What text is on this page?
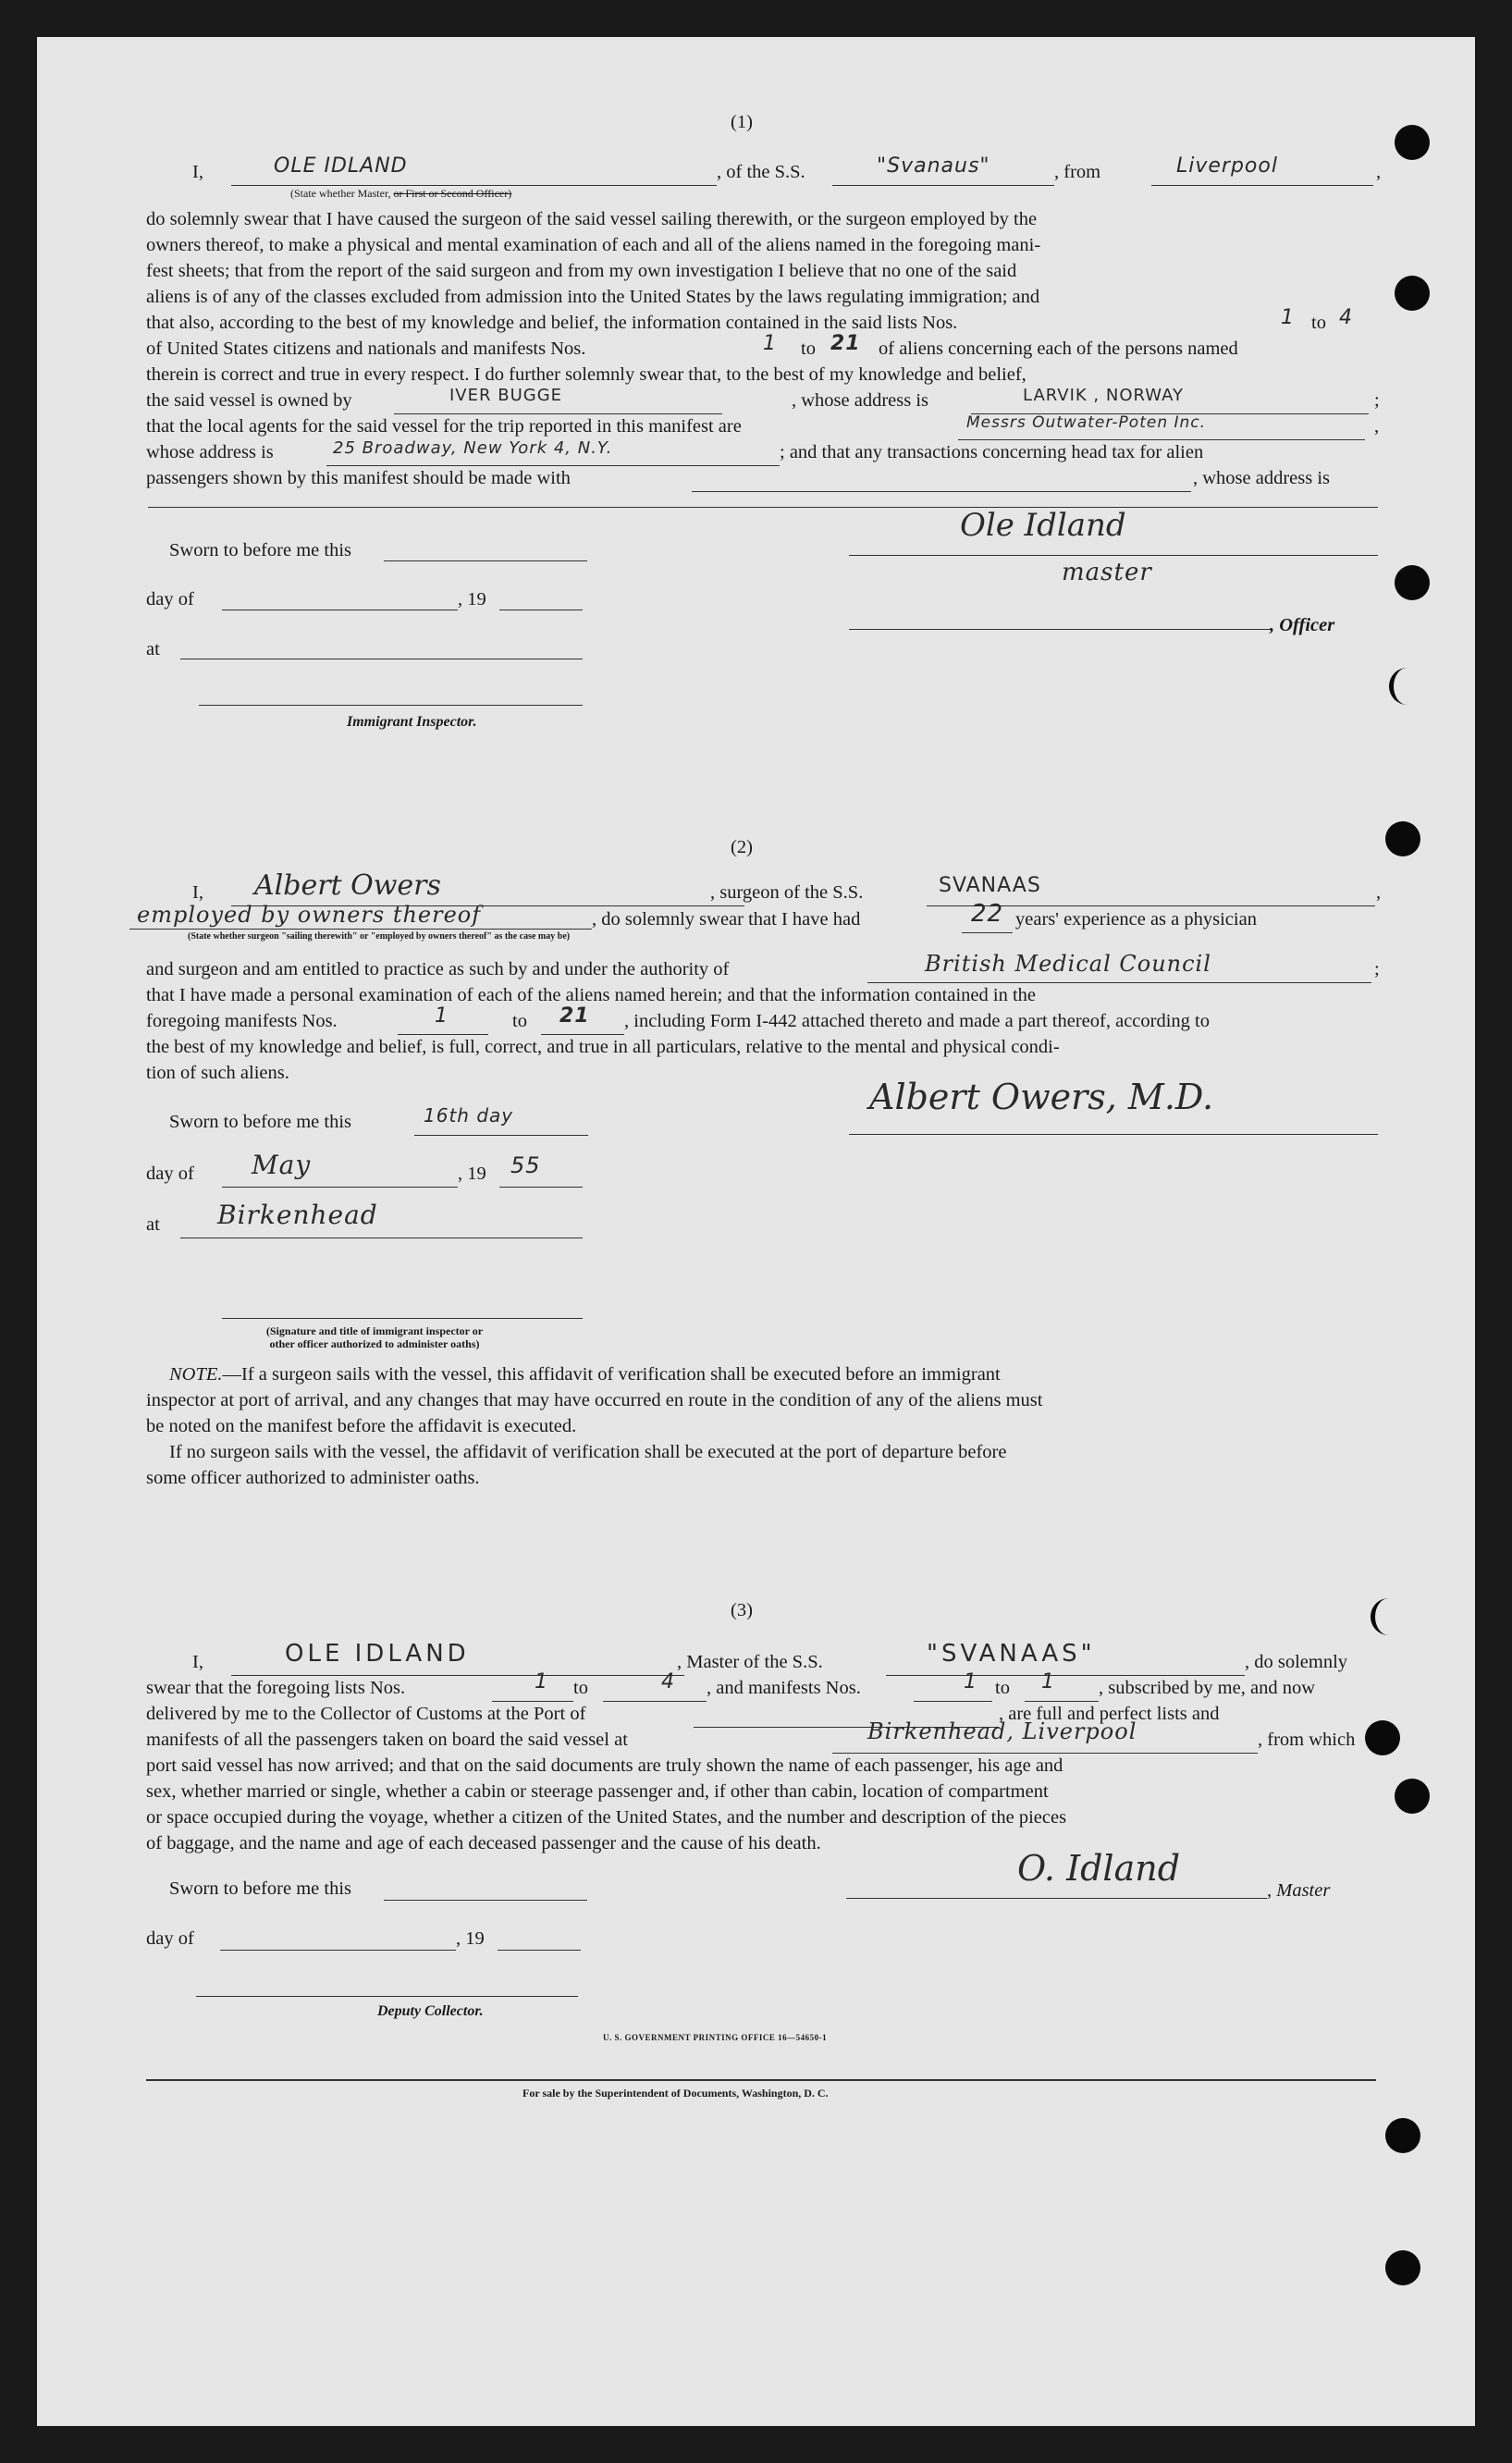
(1)
I,	OLE IDLAND	, of the S.S.	"Svanaus"	, from	Liverpool	,
(State whether Master, or First or Second Officer)
do solemnly swear that I have caused the surgeon of the said vessel sailing therewith, or the surgeon employed by the
owners thereof, to make a physical and mental examination of each and all of the aliens named in the foregoing mani-
fest sheets; that from the report of the said surgeon and from my own investigation I believe that no one of the said
aliens is of any of the classes excluded from admission into the United States by the laws regulating immigration; and
that also, according to the best of my knowledge and belief, the information contained in the said lists Nos.	1 to 4
of United States citizens and nationals and manifests Nos.	1 to 21 of aliens concerning each of the persons named
therein is correct and true in every respect. I do further solemnly swear that, to the best of my knowledge and belief,
the said vessel is owned by	IVER BUGGE	, whose address is	LARVIK , NORWAY	;
that the local agents for the said vessel for the trip reported in this manifest are	Messrs Outwater-Poten Inc.	,
whose address is	25 Broadway, New York 4, N.Y.	; and that any transactions concerning head tax for alien
passengers shown by this manifest should be made with	, whose address is
Sworn to before me this
Ole Idland
master
day of	, 19
, Officer
at
Immigrant Inspector.
(2)
I, Albert Owers	, surgeon of the S.S.	SVANAAS	,
employed by owners thereof	, do solemnly swear that I have had	22 years' experience as a physician
(State whether surgeon "sailing therewith" or "employed by owners thereof" as the case may be)
and surgeon and am entitled to practice as such by and under the authority of	British Medical Council	;
that I have made a personal examination of each of the aliens named herein; and that the information contained in the
foregoing manifests Nos.	1	to 21 , including Form I-442 attached thereto and made a part thereof, according to
the best of my knowledge and belief, is full, correct, and true in all particulars, relative to the mental and physical condi-
tion of such aliens.
Sworn to before me this	16th day	Albert Owers, M.D.
day of May	, 19 55
at Birkenhead
(Signature and title of immigrant inspector or
other officer authorized to administer oaths)
NOTE.—If a surgeon sails with the vessel, this affidavit of verification shall be executed before an immigrant
inspector at port of arrival, and any changes that may have occurred en route in the condition of any of the aliens must
be noted on the manifest before the affidavit is executed.
If no surgeon sails with the vessel, the affidavit of verification shall be executed at the port of departure before
some officer authorized to administer oaths.
(3)
I,	OLE IDLAND	, Master of the S.S.	"SVANAAS"	, do solemnly
swear that the foregoing lists Nos.	1 to	4 , and manifests Nos.	1 to 1 , subscribed by me, and now
delivered by me to the Collector of Customs at the Port of	, are full and perfect lists and
manifests of all the passengers taken on board the said vessel at	Birkenhead, Liverpool	, from which
port said vessel has now arrived; and that on the said documents are truly shown the name of each passenger, his age and
sex, whether married or single, whether a cabin or steerage passenger and, if other than cabin, location of compartment
or space occupied during the voyage, whether a citizen of the United States, and the number and description of the pieces
of baggage, and the name and age of each deceased passenger and the cause of his death.
Sworn to before me this	O. Idland
, Master
day of	, 19
Deputy Collector.
U. S. GOVERNMENT PRINTING OFFICE 16—54650-1
For sale by the Superintendent of Documents, Washington, D. C.
